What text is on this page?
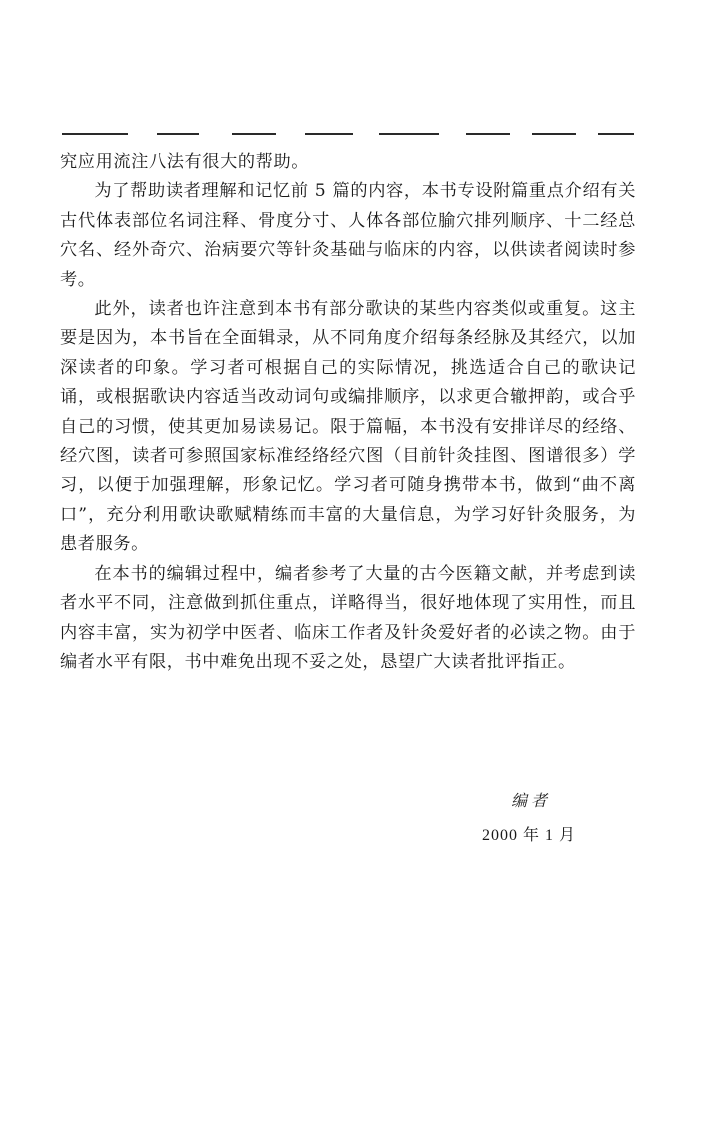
究应用流注八法有很大的帮助。

为了帮助读者理解和记忆前 5 篇的内容，本书专设附篇重点介绍有关古代体表部位名词注释、骨度分寸、人体各部位腧穴排列顺序、十二经总穴名、经外奇穴、治病要穴等针灸基础与临床的内容，以供读者阅读时参考。

此外，读者也许注意到本书有部分歌诀的某些内容类似或重复。这主要是因为，本书旨在全面辑录，从不同角度介绍每条经脉及其经穴，以加深读者的印象。学习者可根据自己的实际情况，挑选适合自己的歌诀记诵，或根据歌诀内容适当改动词句或编排顺序，以求更合辙押韵，或合乎自己的习惯，使其更加易读易记。限于篇幅，本书没有安排详尽的经络、经穴图，读者可参照国家标准经络经穴图（目前针灸挂图、图谱很多）学习，以便于加强理解，形象记忆。学习者可随身携带本书，做到“曲不离口”，充分利用歌诀歌赋精练而丰富的大量信息，为学习好针灸服务，为患者服务。

在本书的编辑过程中，编者参考了大量的古今医籍文献，并考虑到读者水平不同，注意做到抓住重点，详略得当，很好地体现了实用性，而且内容丰富，实为初学中医者、临床工作者及针灸爱好者的必读之物。由于编者水平有限，书中难免出现不妥之处，恳望广大读者批评指正。

编者
2000 年 1 月
